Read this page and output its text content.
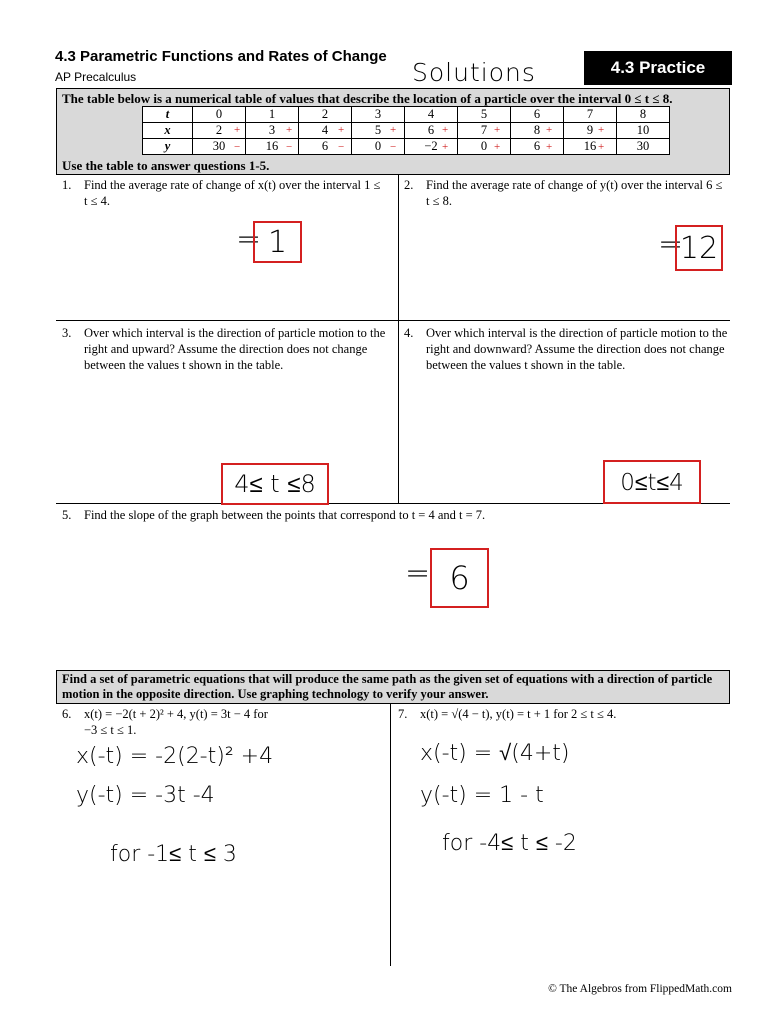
4.3 Parametric Functions and Rates of Change
AP Precalculus	Solutions	4.3 Practice
The table below is a numerical table of values that describe the location of a particle over the interval 0 ≤ t ≤ 8.
t	0	1	2	3	4	5	6	7	8
x	2	3	4	5	6	7	8	9	10
y	30	16	6	0	−2	0	6	16	30
+	+	+	+	+	+	+	+
−	−	−	−	+	+	+	+
Use the table to answer questions 1-5.
1. Find the average rate of change of x(t) over the interval 1 ≤ t ≤ 4.
= 1
2. Find the average rate of change of y(t) over the interval 6 ≤ t ≤ 8.
=
12
3. Over which interval is the direction of particle motion to the right and upward? Assume the direction does not change between the values t shown in the table.
4≤ t ≤8
4. Over which interval is the direction of particle motion to the right and downward? Assume the direction does not change between the values t shown in the table.
0≤t≤4
5. Find the slope of the graph between the points that correspond to t = 4 and t = 7.
= 6
Find a set of parametric equations that will produce the same path as the given set of equations with a direction of particle motion in the opposite direction. Use graphing technology to verify your answer.
6. x(t) = −2(t + 2)² + 4, y(t) = 3t − 4 for
−3 ≤ t ≤ 1.
x(-t) = -2(2-t)² +4
y(-t) = -3t -4
for -1≤ t ≤ 3
7. x(t) = √(4 − t), y(t) = t + 1 for 2 ≤ t ≤ 4.
x(-t) = √(4+t)
y(-t) = 1 - t
for -4≤ t ≤ -2
© The Algebros from FlippedMath.com
